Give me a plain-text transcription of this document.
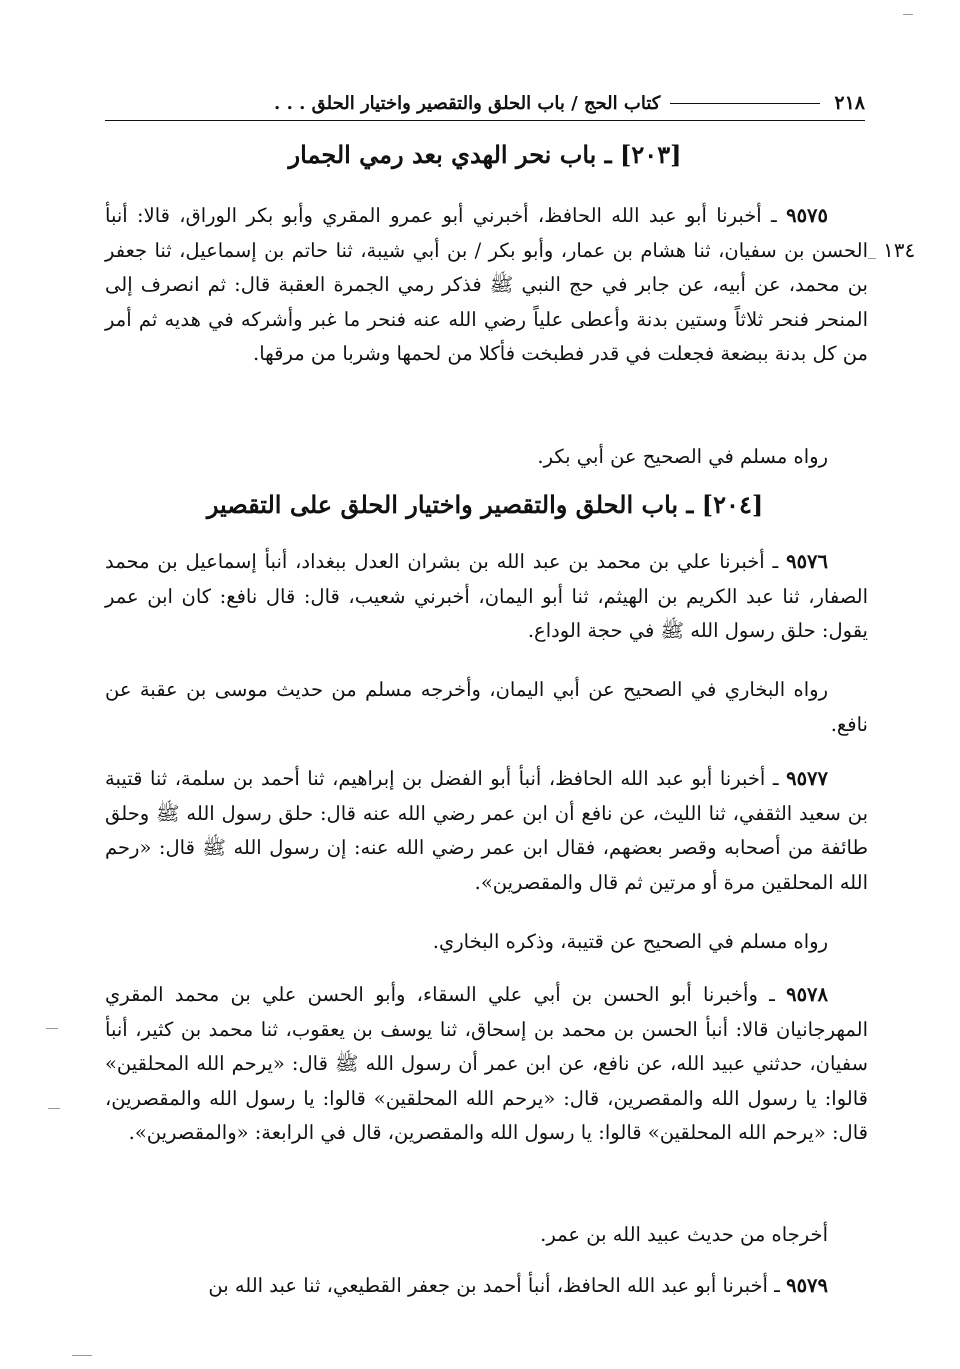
٢١٨
كتاب الحج / باب الحلق والتقصير واختيار الحلق . . .
١٣٤
[٢٠٣] ـ باب نحر الهدي بعد رمي الجمار
٩٥٧٥ ـ أخبرنا أبو عبد الله الحافظ، أخبرني أبو عمرو المقري وأبو بكر الوراق، قالا: أنبأ الحسن بن سفيان، ثنا هشام بن عمار، وأبو بكر / بن أبي شيبة، ثنا حاتم بن إسماعيل، ثنا جعفر بن محمد، عن أبيه، عن جابر في حج النبي ﷺ فذكر رمي الجمرة العقبة قال: ثم انصرف إلى المنحر فنحر ثلاثاً وستين بدنة وأعطى علياً رضي الله عنه فنحر ما غبر وأشركه في هديه ثم أمر من كل بدنة ببضعة فجعلت في قدر فطبخت فأكلا من لحمها وشربا من مرقها.
رواه مسلم في الصحيح عن أبي بكر.
[٢٠٤] ـ باب الحلق والتقصير واختيار الحلق على التقصير
٩٥٧٦ ـ أخبرنا علي بن محمد بن عبد الله بن بشران العدل ببغداد، أنبأ إسماعيل بن محمد الصفار، ثنا عبد الكريم بن الهيثم، ثنا أبو اليمان، أخبرني شعيب، قال: قال نافع: كان ابن عمر يقول: حلق رسول الله ﷺ في حجة الوداع.
رواه البخاري في الصحيح عن أبي اليمان، وأخرجه مسلم من حديث موسى بن عقبة عن نافع.
٩٥٧٧ ـ أخبرنا أبو عبد الله الحافظ، أنبأ أبو الفضل بن إبراهيم، ثنا أحمد بن سلمة، ثنا قتيبة بن سعيد الثقفي، ثنا الليث، عن نافع أن ابن عمر رضي الله عنه قال: حلق رسول الله ﷺ وحلق طائفة من أصحابه وقصر بعضهم، فقال ابن عمر رضي الله عنه: إن رسول الله ﷺ قال: «رحم الله المحلقين مرة أو مرتين ثم قال والمقصرين».
رواه مسلم في الصحيح عن قتيبة، وذكره البخاري.
٩٥٧٨ ـ وأخبرنا أبو الحسن بن أبي علي السقاء، وأبو الحسن علي بن محمد المقري المهرجانيان قالا: أنبأ الحسن بن محمد بن إسحاق، ثنا يوسف بن يعقوب، ثنا محمد بن كثير، أنبأ سفيان، حدثني عبيد الله، عن نافع، عن ابن عمر أن رسول الله ﷺ قال: «يرحم الله المحلقين» قالوا: يا رسول الله والمقصرين، قال: «يرحم الله المحلقين» قالوا: يا رسول الله والمقصرين، قال: «يرحم الله المحلقين» قالوا: يا رسول الله والمقصرين، قال في الرابعة: «والمقصرين».
أخرجاه من حديث عبيد الله بن عمر.
٩٥٧٩ ـ أخبرنا أبو عبد الله الحافظ، أنبأ أحمد بن جعفر القطيعي، ثنا عبد الله بن
